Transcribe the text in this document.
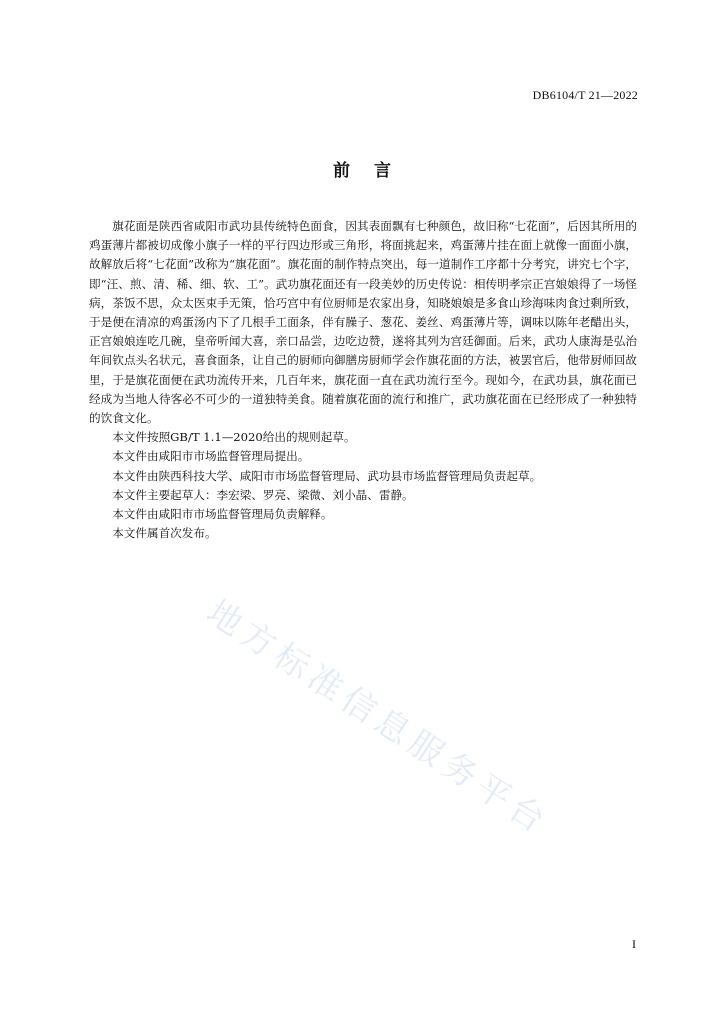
DB6104/T 21—2022
前言

旗花面是陕西省咸阳市武功县传统特色面食，因其表面飘有七种颜色，故旧称“七花面”，后因其所用的鸡蛋薄片都被切成像小旗子一样的平行四边形或三角形，将面挑起来，鸡蛋薄片挂在面上就像一面面小旗，故解放后将“七花面”改称为“旗花面”。旗花面的制作特点突出，每一道制作工序都十分考究，讲究七个字，即“汪、煎、清、稀、细、软、工”。武功旗花面还有一段美妙的历史传说：相传明孝宗正宫娘娘得了一场怪病，茶饭不思，众太医束手无策，恰巧宫中有位厨师是农家出身，知晓娘娘是多食山珍海味肉食过剩所致，于是便在清凉的鸡蛋汤内下了几根手工面条，伴有臊子、葱花、姜丝、鸡蛋薄片等，调味以陈年老醋出头，正宫娘娘连吃几碗，皇帝听闻大喜，亲口品尝，边吃边赞，遂将其列为宫廷御面。后来，武功人康海是弘治年间钦点头名状元，喜食面条，让自己的厨师向御膳房厨师学会作旗花面的方法，被罢官后，他带厨师回故里，于是旗花面便在武功流传开来，几百年来，旗花面一直在武功流行至今。现如今，在武功县，旗花面已经成为当地人待客必不可少的一道独特美食。随着旗花面的流行和推广，武功旗花面在已经形成了一种独特的饮食文化。

本文件按照GB/T 1.1—2020给出的规则起草。

本文件由咸阳市市场监督管理局提出。

本文件由陕西科技大学、咸阳市市场监督管理局、武功县市场监督管理局负责起草。

本文件主要起草人：李宏梁、罗亮、梁微、刘小晶、雷静。

本文件由咸阳市市场监督管理局负责解释。

本文件属首次发布。

地方标准信息服务平台
I
